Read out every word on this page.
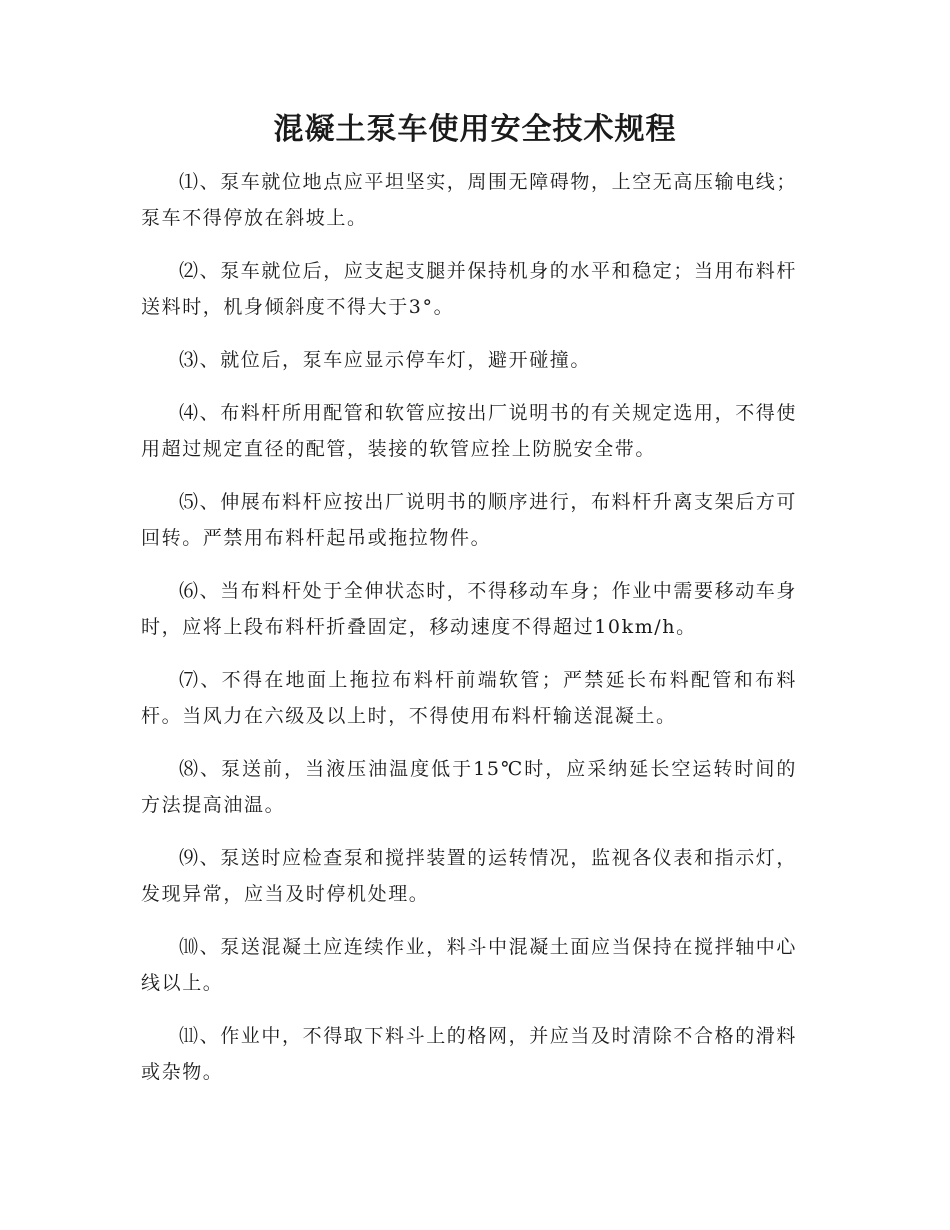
混凝土泵车使用安全技术规程

⑴、泵车就位地点应平坦坚实，周围无障碍物，上空无高压输电线；泵车不得停放在斜坡上。

⑵、泵车就位后，应支起支腿并保持机身的水平和稳定；当用布料杆送料时，机身倾斜度不得大于3°。

⑶、就位后，泵车应显示停车灯，避开碰撞。

⑷、布料杆所用配管和软管应按出厂说明书的有关规定选用，不得使用超过规定直径的配管，装接的软管应拴上防脱安全带。

⑸、伸展布料杆应按出厂说明书的顺序进行，布料杆升离支架后方可回转。严禁用布料杆起吊或拖拉物件。

⑹、当布料杆处于全伸状态时，不得移动车身；作业中需要移动车身时，应将上段布料杆折叠固定，移动速度不得超过10km/h。

⑺、不得在地面上拖拉布料杆前端软管；严禁延长布料配管和布料杆。当风力在六级及以上时，不得使用布料杆输送混凝土。

⑻、泵送前，当液压油温度低于15℃时，应采纳延长空运转时间的方法提高油温。

⑼、泵送时应检查泵和搅拌装置的运转情况，监视各仪表和指示灯，发现异常，应当及时停机处理。

⑽、泵送混凝土应连续作业，料斗中混凝土面应当保持在搅拌轴中心线以上。

⑾、作业中，不得取下料斗上的格网，并应当及时清除不合格的滑料或杂物。
